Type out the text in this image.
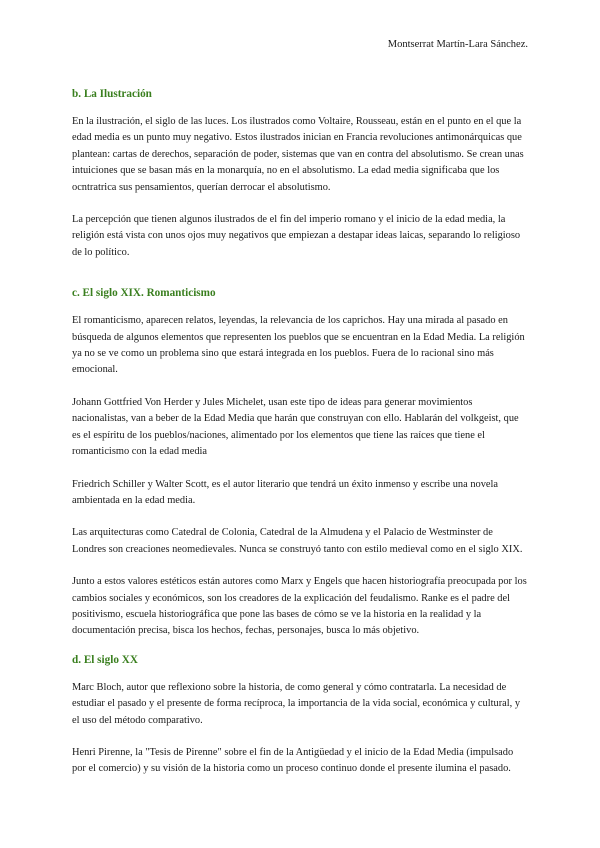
Montserrat Martín-Lara Sánchez.
b. La Ilustración

En la ilustración, el siglo de las luces. Los ilustrados como Voltaire, Rousseau, están en el punto en el que la edad media es un punto muy negativo. Estos ilustrados inician en Francia revoluciones antimonárquicas que plantean: cartas de derechos, separación de poder, sistemas que van en contra del absolutismo. Se crean unas intuiciones que se basan más en la monarquía, no en el absolutismo. La edad media significaba que los ocntratrica sus pensamientos, querían derrocar el absolutismo.

La percepción que tienen algunos ilustrados de el fin del imperio romano y el inicio de la edad media, la religión está vista con unos ojos muy negativos que empiezan a destapar ideas laicas, separando lo religioso de lo político.

c. El siglo XIX. Romanticismo

El romanticismo, aparecen relatos, leyendas, la relevancia de los caprichos. Hay una mirada al pasado en búsqueda de algunos elementos que representen los pueblos que se encuentran en la Edad Media. La religión ya no se ve como un problema sino que estará integrada en los pueblos. Fuera de lo racional sino más emocional.

Johann Gottfried Von Herder y Jules Michelet, usan este tipo de ideas para generar movimientos nacionalistas, van a beber de la Edad Media que harán que construyan con ello. Hablarán del volkgeist, que es el espíritu de los pueblos/naciones, alimentado por los elementos que tiene las raíces que tiene el romanticismo con la edad media

Friedrich Schiller y Walter Scott, es el autor literario que tendrá un éxito inmenso y escribe una novela ambientada en la edad media.

Las arquitecturas como Catedral de Colonia, Catedral de la Almudena y el Palacio de Westminster de Londres son creaciones neomedievales. Nunca se construyó tanto con estilo medieval como en el siglo XIX.

Junto a estos valores estéticos están autores como Marx y Engels que hacen historiografía preocupada por los cambios sociales y económicos, son los creadores de la explicación del feudalismo. Ranke es el padre del positivismo, escuela historiográfica que pone las bases de cómo se ve la historia en la realidad y la documentación precisa, bisca los hechos, fechas, personajes, busca lo más objetivo.

d. El siglo XX

Marc Bloch, autor que reflexiono sobre la historia, de como general y cómo contratarla. La necesidad de estudiar el pasado y el presente de forma recíproca, la importancia de la vida social, económica y cultural, y el uso del método comparativo.

Henri Pirenne, la "Tesis de Pirenne" sobre el fin de la Antigüedad y el inicio de la Edad Media (impulsado por el comercio) y su visión de la historia como un proceso continuo donde el presente ilumina el pasado.
